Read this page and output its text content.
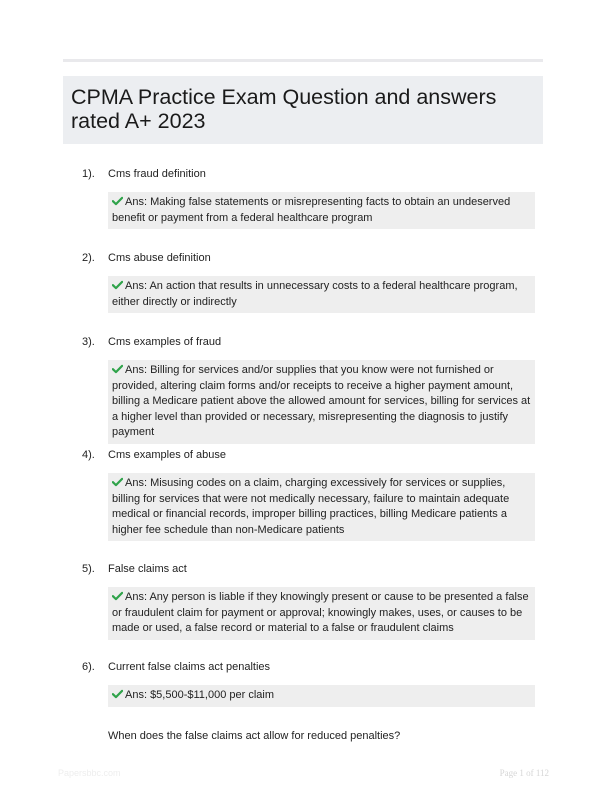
CPMA Practice Exam Question and answers rated A+ 2023
1). Cms fraud definition
Ans: Making false statements or misrepresenting facts to obtain an undeserved benefit or payment from a federal healthcare program
2). Cms abuse definition
Ans: An action that results in unnecessary costs to a federal healthcare program, either directly or indirectly
3). Cms examples of fraud
Ans: Billing for services and/or supplies that you know were not furnished or provided, altering claim forms and/or receipts to receive a higher payment amount, billing a Medicare patient above the allowed amount for services, billing for services at a higher level than provided or necessary, misrepresenting the diagnosis to justify payment
4). Cms examples of abuse
Ans: Misusing codes on a claim, charging excessively for services or supplies, billing for services that were not medically necessary, failure to maintain adequate medical or financial records, improper billing practices, billing Medicare patients a higher fee schedule than non-Medicare patients
5). False claims act
Ans: Any person is liable if they knowingly present or cause to be presented a false or fraudulent claim for payment or approval; knowingly makes, uses, or causes to be made or used, a false record or material to a false or fraudulent claims
6). Current false claims act penalties
Ans: $5,500-$11,000 per claim
When does the false claims act allow for reduced penalties?
Papersbbc.com	Page 1 of 112
